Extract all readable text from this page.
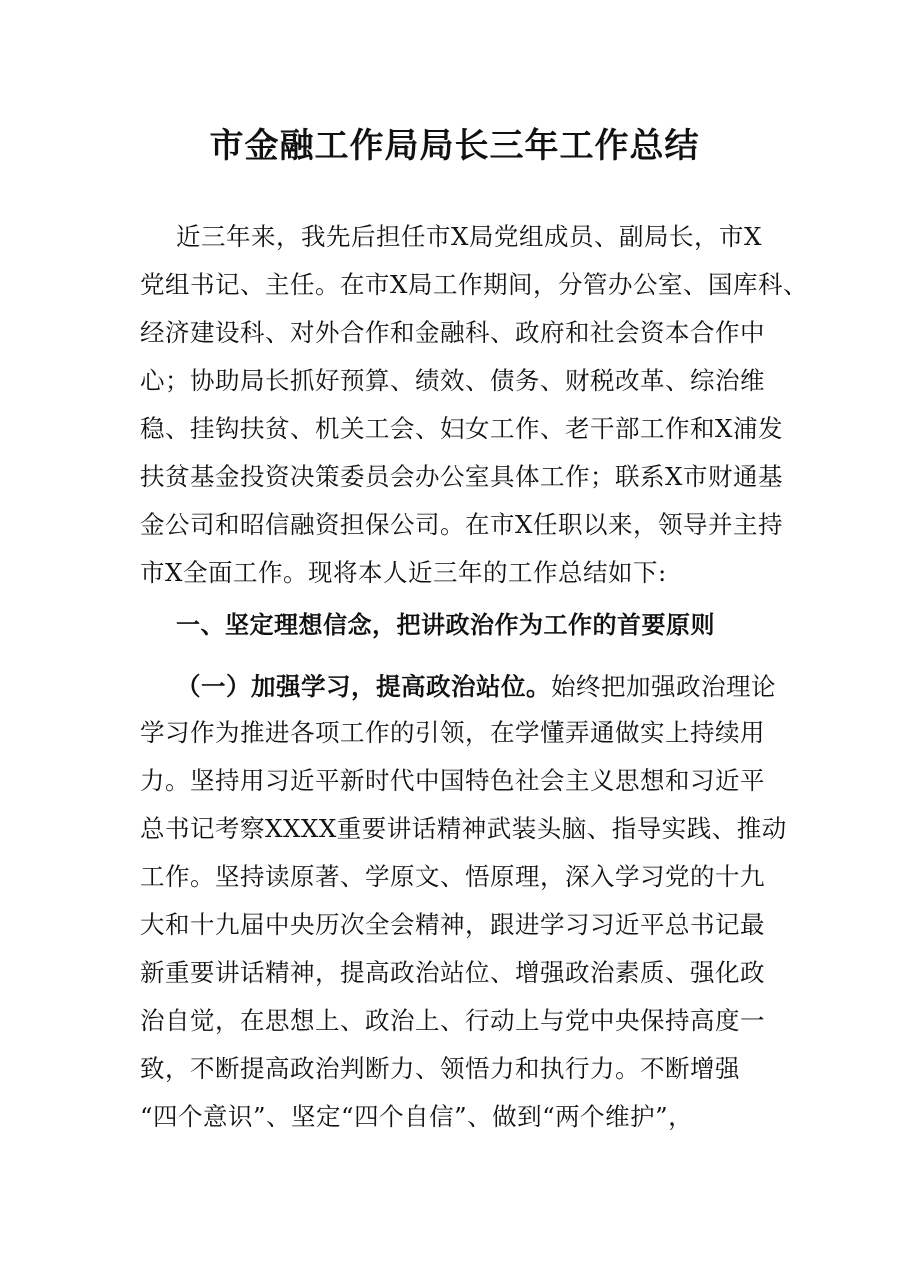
市金融工作局局长三年工作总结
近三年来，我先后担任市X局党组成员、副局长，市X
党组书记、主任。在市X局工作期间，分管办公室、国库科、
经济建设科、对外合作和金融科、政府和社会资本合作中
心；协助局长抓好预算、绩效、债务、财税改革、综治维
稳、挂钩扶贫、机关工会、妇女工作、老干部工作和X浦发
扶贫基金投资决策委员会办公室具体工作；联系X市财通基
金公司和昭信融资担保公司。在市X任职以来，领导并主持
市X全面工作。现将本人近三年的工作总结如下:
一、坚定理想信念，把讲政治作为工作的首要原则
（一）加强学习，提高政治站位。始终把加强政治理论
学习作为推进各项工作的引领，在学懂弄通做实上持续用
力。坚持用习近平新时代中国特色社会主义思想和习近平
总书记考察XXXX重要讲话精神武装头脑、指导实践、推动
工作。坚持读原著、学原文、悟原理，深入学习党的十九
大和十九届中央历次全会精神，跟进学习习近平总书记最
新重要讲话精神，提高政治站位、增强政治素质、强化政
治自觉，在思想上、政治上、行动上与党中央保持高度一
致，不断提高政治判断力、领悟力和执行力。不断增强
“四个意识”、坚定“四个自信”、做到“两个维护”，
